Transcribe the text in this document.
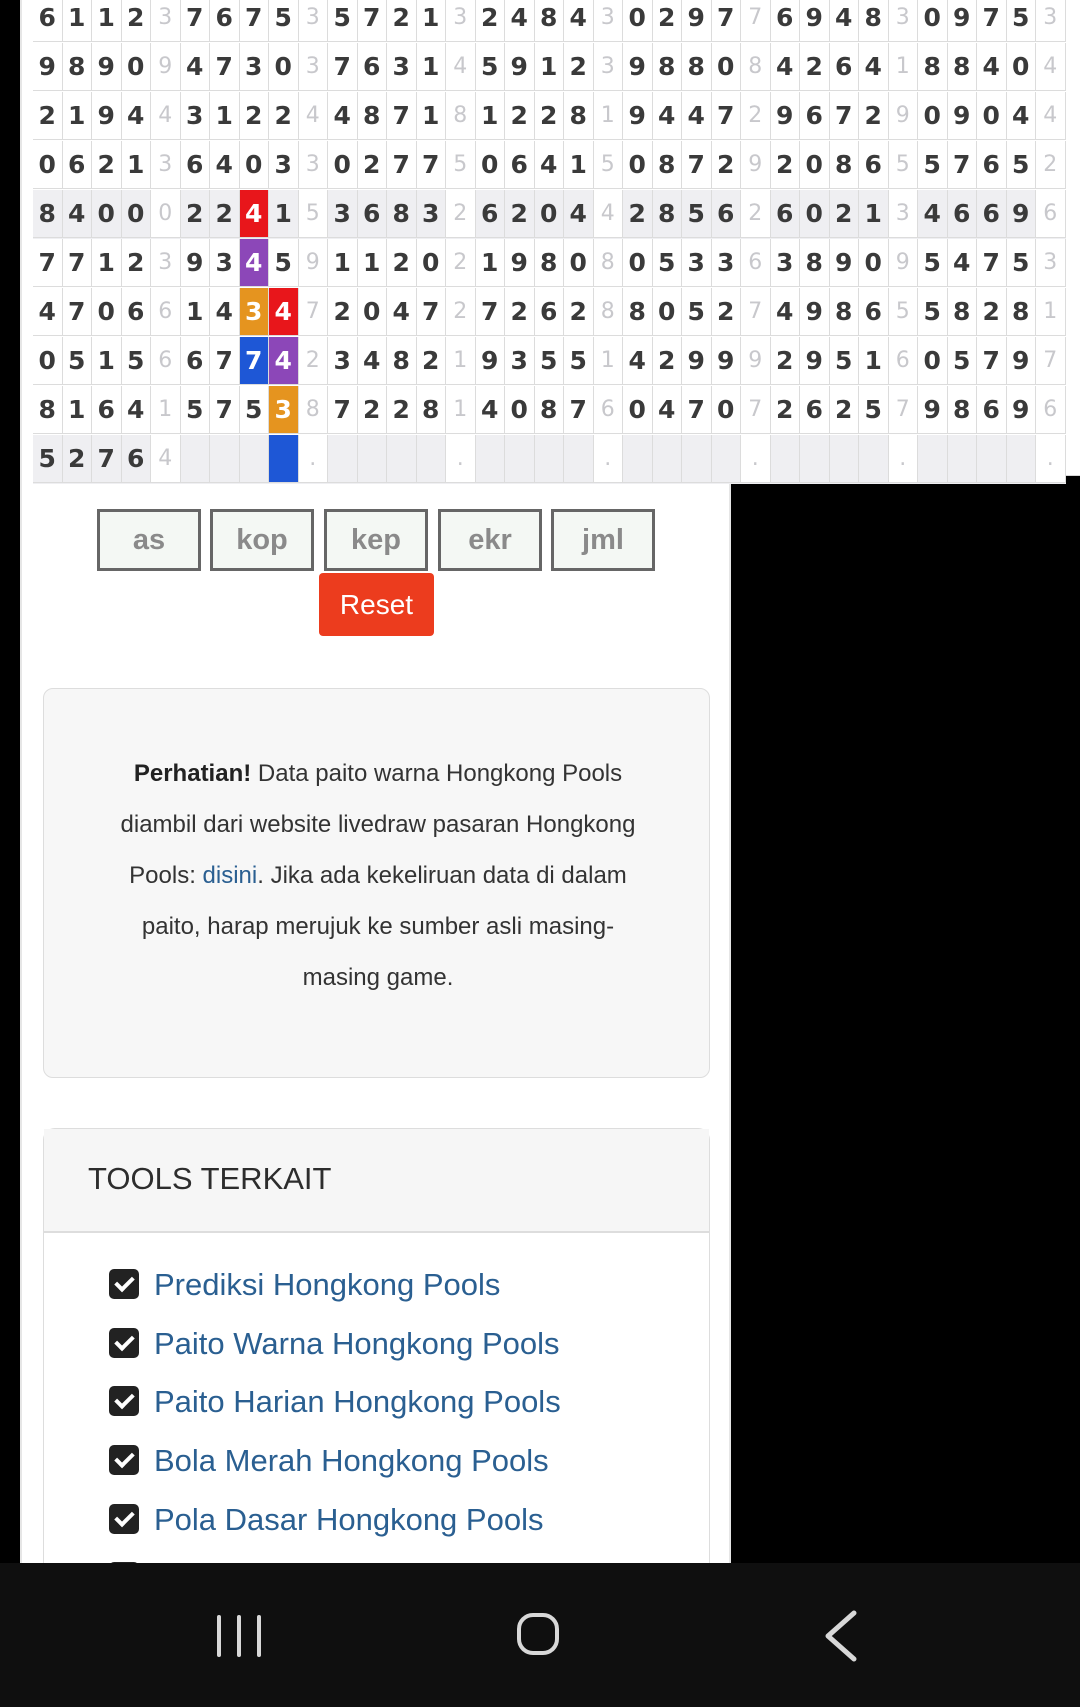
6 1 1 2 3 7 6 7 5 3 5 7 2 1 3 2 4 8 4 3 0 2 9 7 7 6 9 4 8 3 0 9 7 5 3
9 8 9 0 9 4 7 3 0 3 7 6 3 1 4 5 9 1 2 3 9 8 8 0 8 4 2 6 4 1 8 8 4 0 4
2 1 9 4 4 3 1 2 2 4 4 8 7 1 8 1 2 2 8 1 9 4 4 7 2 9 6 7 2 9 0 9 0 4 4
0 6 2 1 3 6 4 0 3 3 0 2 7 7 5 0 6 4 1 5 0 8 7 2 9 2 0 8 6 5 5 7 6 5 2
8 4 0 0 0 2 2 4 1 5 3 6 8 3 2 6 2 0 4 4 2 8 5 6 2 6 0 2 1 3 4 6 6 9 6
7 7 1 2 3 9 3 4 5 9 1 1 2 0 2 1 9 8 0 8 0 5 3 3 6 3 8 9 0 9 5 4 7 5 3
4 7 0 6 6 1 4 3 4 7 2 0 4 7 2 7 2 6 2 8 8 0 5 2 7 4 9 8 6 5 5 8 2 8 1
0 5 1 5 6 6 7 7 4 2 3 4 8 2 1 9 3 5 5 1 4 2 9 9 9 2 9 5 1 6 0 5 7 9 7
8 1 6 4 1 5 7 5 3 8 7 2 2 8 1 4 0 8 7 6 0 4 7 0 7 2 6 2 5 7 9 8 6 9 6
5 2 7 6 4	.	.	.	.	.	.
as	kop	kep	ekr	jml
Reset
Perhatian! Data paito warna Hongkong Pools diambil dari website livedraw pasaran Hongkong Pools: disini. Jika ada kekeliruan data di dalam paito, harap merujuk ke sumber asli masing-masing game.
TOOLS TERKAIT
Prediksi Hongkong Pools
Paito Warna Hongkong Pools
Paito Harian Hongkong Pools
Bola Merah Hongkong Pools
Pola Dasar Hongkong Pools
